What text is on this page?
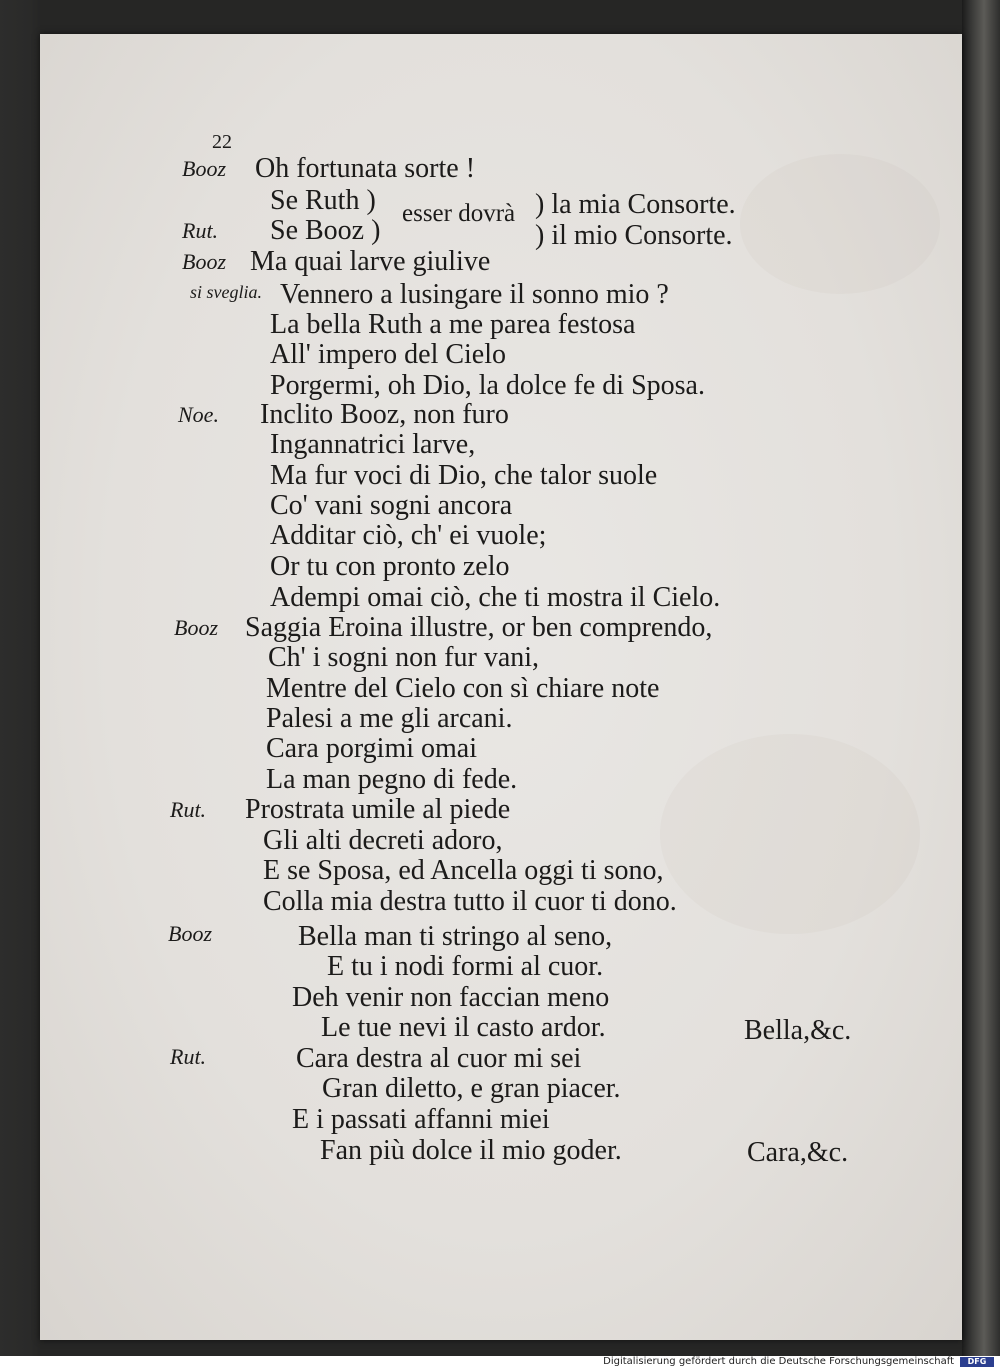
22
Booz Oh fortunata sorte !
Se Ruth ) esser dovrà ) la mia Consorte.
Rut. Se Booz )	) il mio Consorte.
Booz Ma quai larve giulive
si sveglia. Vennero a lusingare il sonno mio ?
La bella Ruth a me parea festosa
All' impero del Cielo
Porgermi, oh Dio, la dolce fe di Sposa.
Noe. Inclito Booz, non furo
Ingannatrici larve,
Ma fur voci di Dio, che talor suole
Co' vani sogni ancora
Additar ciò, ch' ei vuole;
Or tu con pronto zelo
Adempi omai ciò, che ti mostra il Cielo.
Booz Saggia Eroina illustre, or ben comprendo,
Ch' i sogni non fur vani,
Mentre del Cielo con sì chiare note
Palesi a me gli arcani.
Cara porgimi omai
La man pegno di fede.
Rut. Prostrata umile al piede
Gli alti decreti adoro,
E se Sposa, ed Ancella oggi ti sono,
Colla mia destra tutto il cuor ti dono.
Booz	Bella man ti stringo al seno,
E tu i nodi formi al cuor.
Deh venir non faccian meno
Le tue nevi il casto ardor.	Bella,&c.
Rut.	Cara destra al cuor mi sei
Gran diletto, e gran piacer.
E i passati affanni miei
Fan più dolce il mio goder.	Cara,&c.
Digitalisierung gefördert durch die Deutsche Forschungsgemeinschaft	DFG
